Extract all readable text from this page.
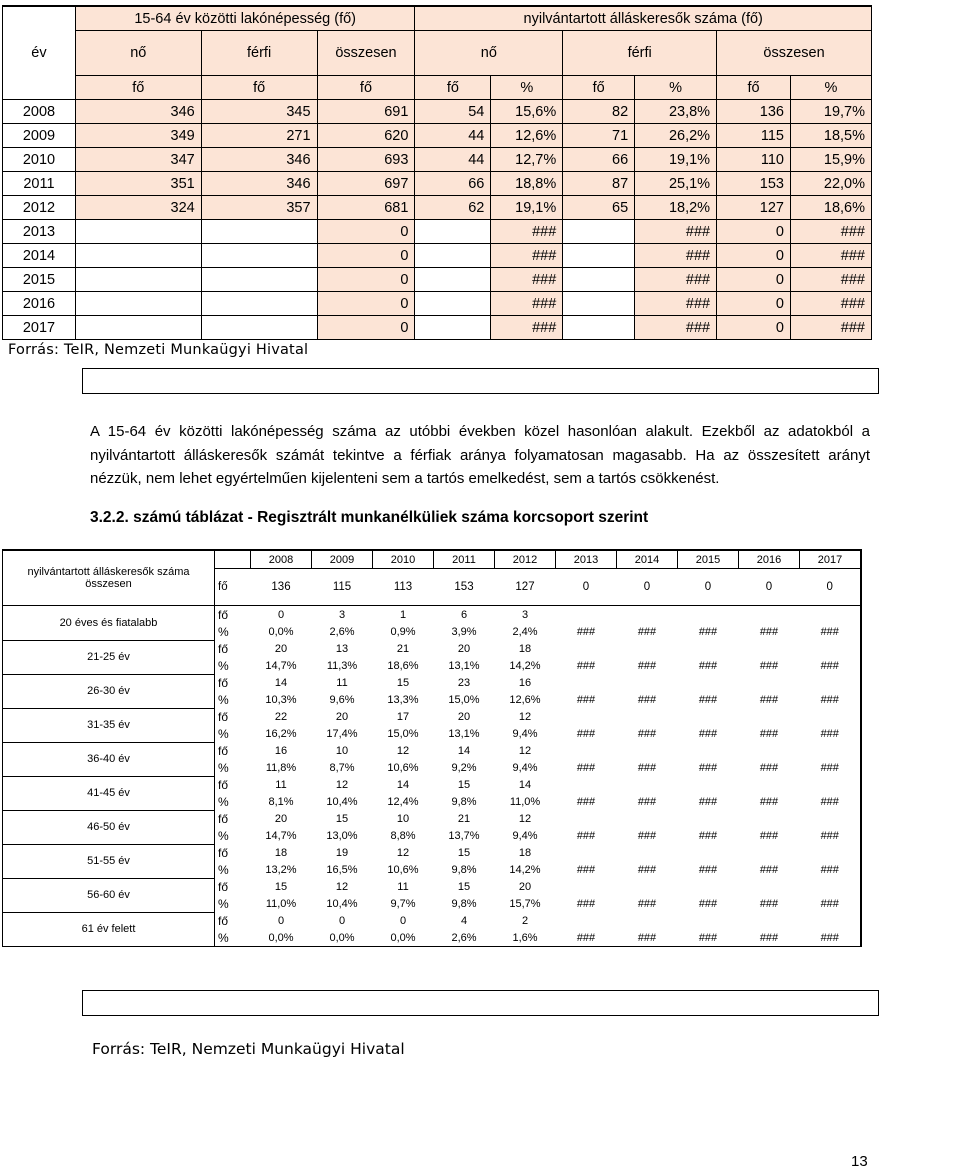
	15-64 év közötti lakónépesség (fő)			nyilvántartott álláskeresők száma (fő)					
év	nő	férfi	összesen	nő		férfi		összesen	
	fő	fő	fő	fő	%	fő	%	fő	%
2008	346	345	691	54	15,6%	82	23,8%	136	19,7%
2009	349	271	620	44	12,6%	71	26,2%	115	18,5%
2010	347	346	693	44	12,7%	66	19,1%	110	15,9%
2011	351	346	697	66	18,8%	87	25,1%	153	22,0%
2012	324	357	681	62	19,1%	65	18,2%	127	18,6%
2013			0		###		###	0	###
2014			0		###		###	0	###
2015			0		###		###	0	###
2016			0		###		###	0	###
2017			0		###		###	0	###
Forrás: TeIR, Nemzeti Munkaügyi Hivatal
A 15-64 év közötti lakónépesség száma az utóbbi években közel hasonlóan alakult. Ezekből az adatokból a nyilvántartott álláskeresők számát tekintve a férfiak aránya folyamatosan magasabb. Ha az összesített arányt nézzük, nem lehet egyértelműen kijelenteni sem a tartós emelkedést, sem a tartós csökkenést.
3.2.2. számú táblázat - Regisztrált munkanélküliek száma korcsoport szerint
nyilvántartott álláskeresők száma összesen		2008	2009	2010	2011	2012	2013	2014	2015	2016	2017
	fő	136	115	113	153	127	0	0	0	0	0
20 éves és fiatalabb	fő	0	3	1	6	3					
	%	0,0%	2,6%	0,9%	3,9%	2,4%	###	###	###	###	###
21-25 év	fő	20	13	21	20	18					
	%	14,7%	11,3%	18,6%	13,1%	14,2%	###	###	###	###	###
26-30 év	fő	14	11	15	23	16					
	%	10,3%	9,6%	13,3%	15,0%	12,6%	###	###	###	###	###
31-35 év	fő	22	20	17	20	12					
	%	16,2%	17,4%	15,0%	13,1%	9,4%	###	###	###	###	###
36-40 év	fő	16	10	12	14	12					
	%	11,8%	8,7%	10,6%	9,2%	9,4%	###	###	###	###	###
41-45 év	fő	11	12	14	15	14					
	%	8,1%	10,4%	12,4%	9,8%	11,0%	###	###	###	###	###
46-50 év	fő	20	15	10	21	12					
	%	14,7%	13,0%	8,8%	13,7%	9,4%	###	###	###	###	###
51-55 év	fő	18	19	12	15	18					
	%	13,2%	16,5%	10,6%	9,8%	14,2%	###	###	###	###	###
56-60 év	fő	15	12	11	15	20					
	%	11,0%	10,4%	9,7%	9,8%	15,7%	###	###	###	###	###
61 év felett	fő	0	0	0	4	2					
	%	0,0%	0,0%	0,0%	2,6%	1,6%	###	###	###	###	###
Forrás: TeIR, Nemzeti Munkaügyi Hivatal
13
